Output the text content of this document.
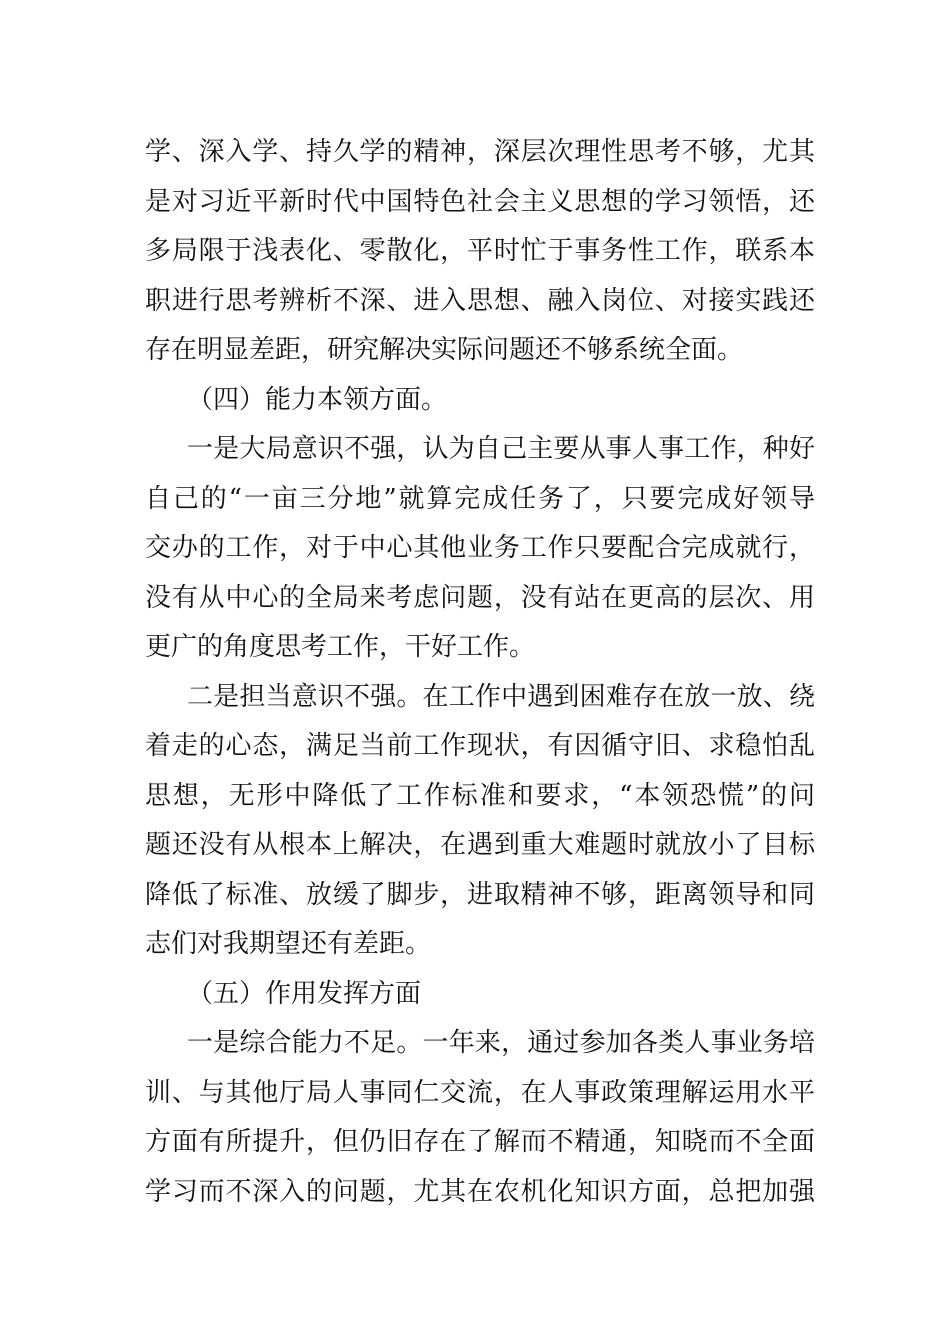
学、深入学、持久学的精神，深层次理性思考不够，尤其
是对习近平新时代中国特色社会主义思想的学习领悟，还
多局限于浅表化、零散化，平时忙于事务性工作，联系本
职进行思考辨析不深、进入思想、融入岗位、对接实践还
存在明显差距，研究解决实际问题还不够系统全面。
（四）能力本领方面。
一是大局意识不强，认为自己主要从事人事工作，种好
自己的“一亩三分地”就算完成任务了，只要完成好领导
交办的工作，对于中心其他业务工作只要配合完成就行，
没有从中心的全局来考虑问题，没有站在更高的层次、用
更广的角度思考工作，干好工作。
二是担当意识不强。在工作中遇到困难存在放一放、绕
着走的心态，满足当前工作现状，有因循守旧、求稳怕乱
思想，无形中降低了工作标准和要求，“本领恐慌”的问
题还没有从根本上解决，在遇到重大难题时就放小了目标
降低了标准、放缓了脚步，进取精神不够，距离领导和同
志们对我期望还有差距。
（五）作用发挥方面
一是综合能力不足。一年来，通过参加各类人事业务培
训、与其他厅局人事同仁交流，在人事政策理解运用水平
方面有所提升，但仍旧存在了解而不精通，知晓而不全面
学习而不深入的问题，尤其在农机化知识方面，总把加强
